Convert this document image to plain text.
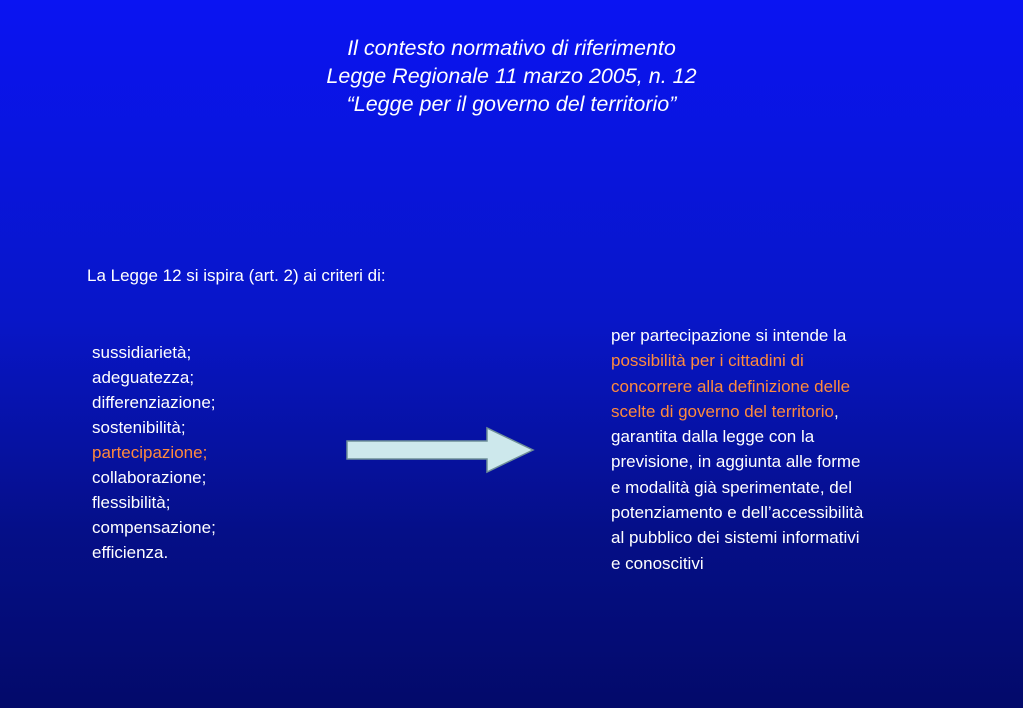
Il contesto normativo di riferimento
Legge Regionale 11 marzo 2005, n. 12
“Legge per il governo del territorio”
La Legge 12 si ispira (art. 2) ai criteri di:
sussidiarietà;
adeguatezza;
differenziazione;
sostenibilità;
partecipazione;
collaborazione;
flessibilità;
compensazione;
efficienza.
per partecipazione si intende la
possibilità per i cittadini di
concorrere alla definizione delle
scelte di governo del territorio,
garantita dalla legge con la
previsione, in aggiunta alle forme
e modalità già sperimentate, del
potenziamento e dell’accessibilità
al pubblico dei sistemi informativi
e conoscitivi
